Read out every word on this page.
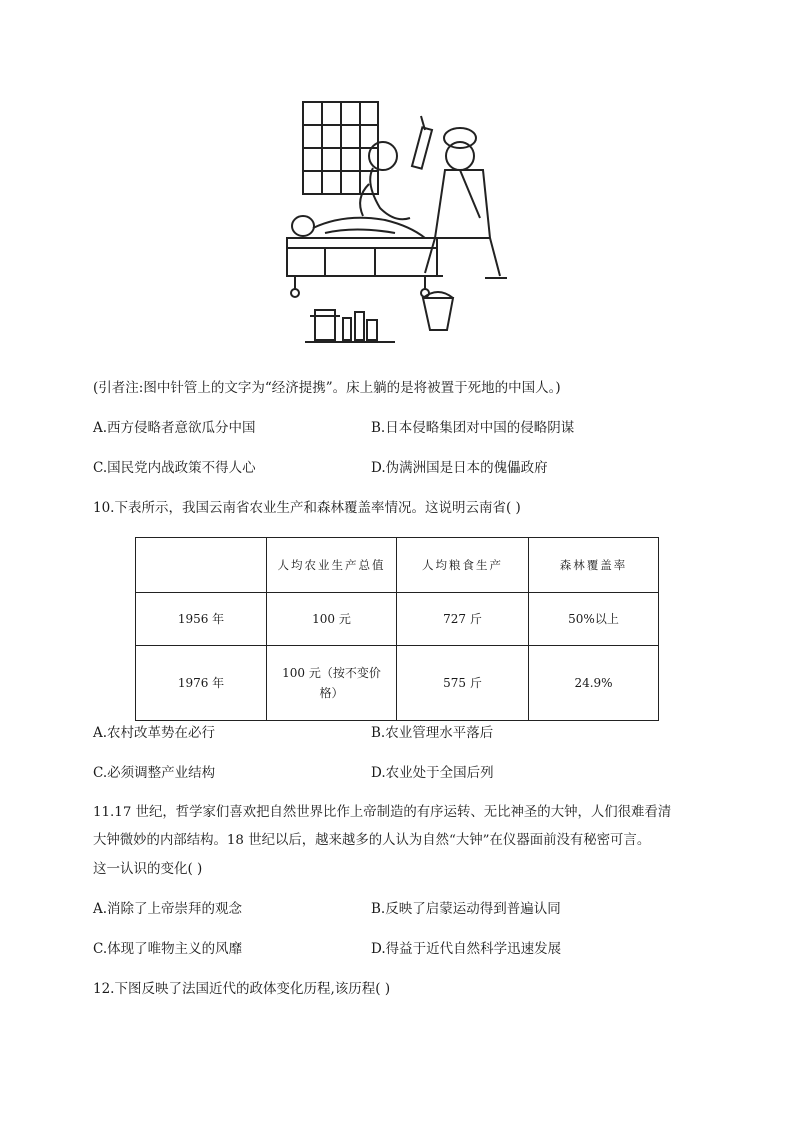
(引者注:图中针管上的文字为“经济提携”。床上躺的是将被置于死地的中国人。)
A.西方侵略者意欲瓜分中国	B.日本侵略集团对中国的侵略阴谋
C.国民党内战政策不得人心	D.伪满洲国是日本的傀儡政府
10.下表所示，我国云南省农业生产和森林覆盖率情况。这说明云南省( )
	人均农业生产总值	人均粮食生产	森林覆盖率
1956 年	100 元	727 斤	50%以上
1976 年	100 元（按不变价格）	575 斤	24.9%
A.农村改革势在必行	B.农业管理水平落后
C.必须调整产业结构	D.农业处于全国后列
11.17 世纪，哲学家们喜欢把自然世界比作上帝制造的有序运转、无比神圣的大钟，人们很难看清
大钟微妙的内部结构。18 世纪以后，越来越多的人认为自然“大钟”在仪器面前没有秘密可言。
这一认识的变化( )
A.消除了上帝崇拜的观念	B.反映了启蒙运动得到普遍认同
C.体现了唯物主义的风靡	D.得益于近代自然科学迅速发展
12.下图反映了法国近代的政体变化历程,该历程( )
